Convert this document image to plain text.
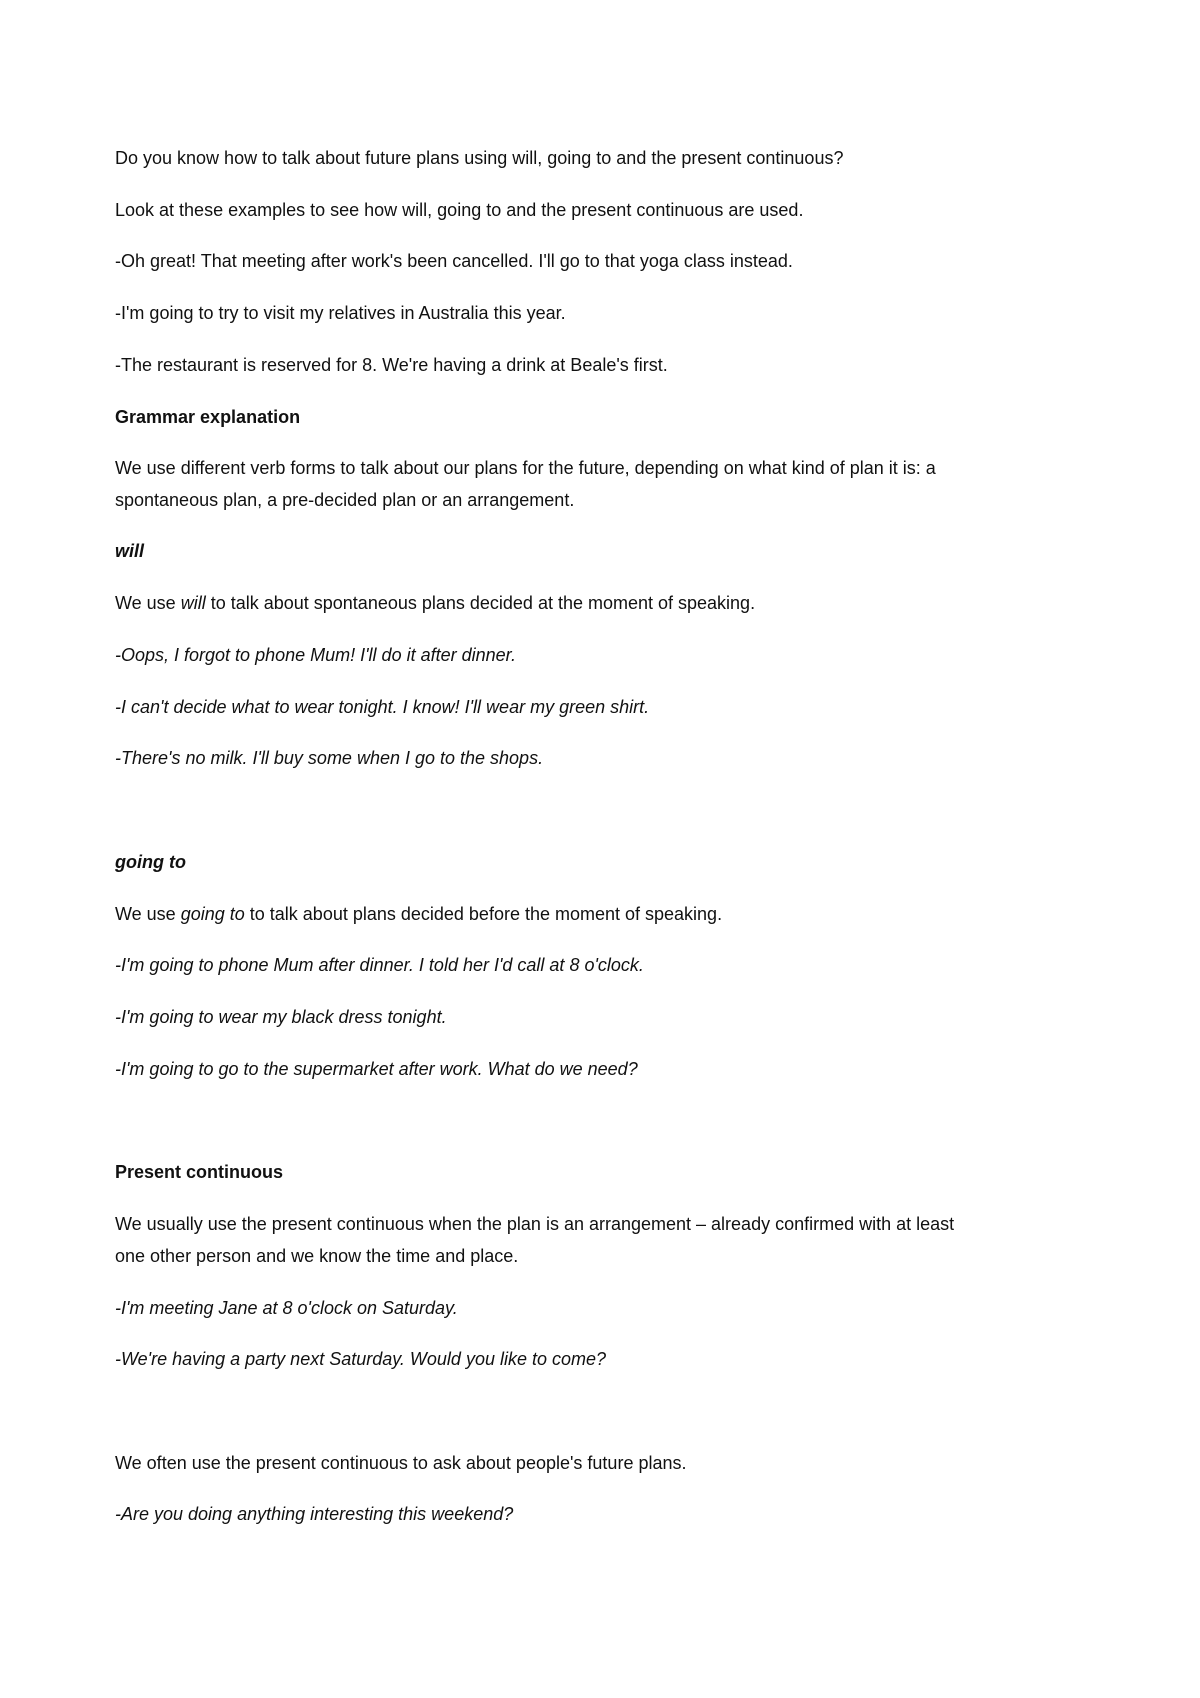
Do you know how to talk about future plans using will, going to and the present continuous?
Look at these examples to see how will, going to and the present continuous are used.
-Oh great! That meeting after work's been cancelled. I'll go to that yoga class instead.
-I'm going to try to visit my relatives in Australia this year.
-The restaurant is reserved for 8. We're having a drink at Beale's first.
Grammar explanation
We use different verb forms to talk about our plans for the future, depending on what kind of plan it is: a
spontaneous plan, a pre-decided plan or an arrangement.
will
We use will to talk about spontaneous plans decided at the moment of speaking.
-Oops, I forgot to phone Mum! I'll do it after dinner.
-I can't decide what to wear tonight. I know! I'll wear my green shirt.
-There's no milk. I'll buy some when I go to the shops.
going to
We use going to to talk about plans decided before the moment of speaking.
-I'm going to phone Mum after dinner. I told her I'd call at 8 o'clock.
-I'm going to wear my black dress tonight.
-I'm going to go to the supermarket after work. What do we need?
Present continuous
We usually use the present continuous when the plan is an arrangement – already confirmed with at least
one other person and we know the time and place.
-I'm meeting Jane at 8 o'clock on Saturday.
-We're having a party next Saturday. Would you like to come?
We often use the present continuous to ask about people's future plans.
-Are you doing anything interesting this weekend?
